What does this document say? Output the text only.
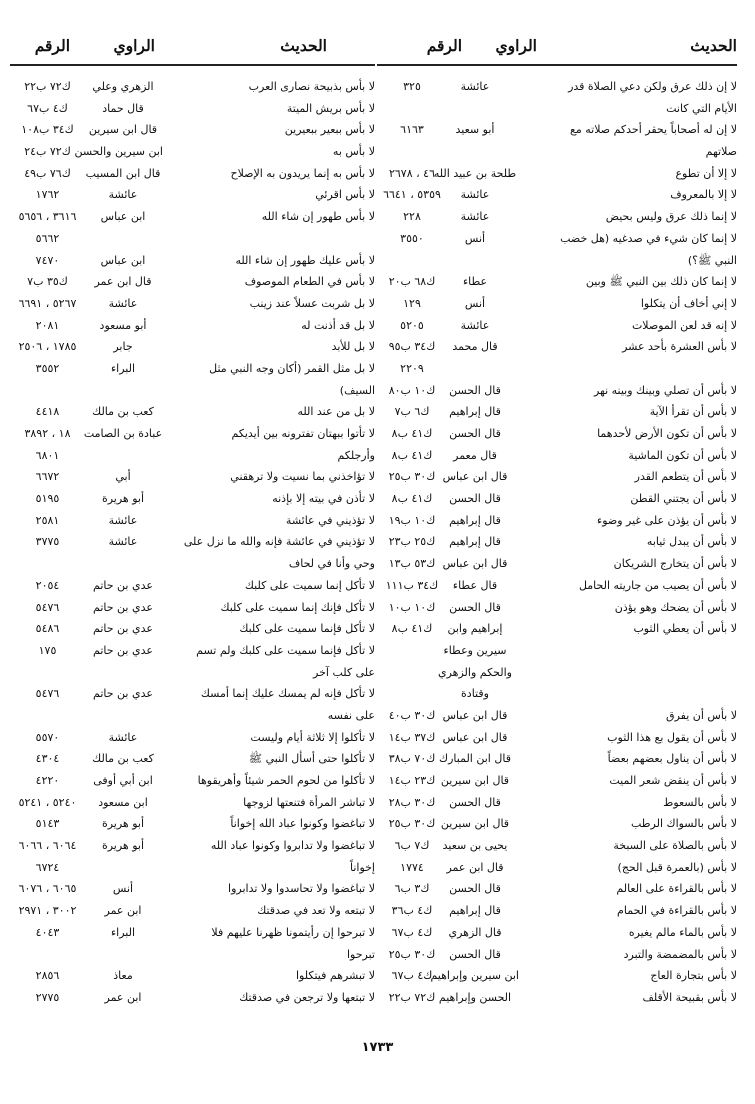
الحديث
الراوي
الرقم
لا إن ذلك عرق ولكن دعي الصلاة قدر
عائشة
٣٢٥
الأيام التي كانت
لا إن له أصحاباً يحقر أحدكم صلاته مع
أبو سعيد
٦١٦٣
صلاتهم
لا إلا أن تطوع
طلحة بن عبيد الله
٤٦ ، ٢٦٧٨
لا إلا بالمعروف
عائشة
٥٣٥٩ ، ٦٦٤١
لا إنما ذلك عرق وليس بحيض
عائشة
٢٢٨
لا إنما كان شيء في صدغيه (هل خضب
أنس
٣٥٥٠
النبي ﷺ؟)
لا إنما كان ذلك بين النبي ﷺ وبين
عطاء
ك٦٨ ب٢٠
لا إني أخاف أن يتكلوا
أنس
١٢٩
لا إنه قد لعن الموصلات
عائشة
٥٢٠٥
لا بأس العشرة بأحد عشر
قال محمد
ك٣٤ ب٩٥
٢٢٠٩
لا بأس أن تصلي وبينك وبينه نهر
قال الحسن
ك١٠ ب٨٠
لا بأس أن تقرأ الآية
قال إبراهيم
ك٦ ب٧
لا بأس أن تكون الأرض لأحدهما
قال الحسن
ك٤١ ب٨
لا بأس أن تكون الماشية
قال معمر
ك٤١ ب٨
لا بأس أن يتطعم القدر
قال ابن عباس
ك٣٠ ب٢٥
لا بأس أن يجتني القطن
قال الحسن
ك٤١ ب٨
لا بأس أن يؤذن على غير وضوء
قال إبراهيم
ك١٠ ب١٩
لا بأس أن يبدل ثيابه
قال إبراهيم
ك٢٥ ب٢٣
لا بأس أن يتخارج الشريكان
قال ابن عباس
ك٥٣ ب١٣
لا بأس أن يصيب من جاريته الحامل
قال عطاء
ك٣٤ ب١١١
لا بأس أن يضحك وهو يؤذن
قال الحسن
ك١٠ ب١٠
لا بأس أن يعطي الثوب
إبراهيم وابن
ك٤١ ب٨
سيرين وعطاء
والحكم والزهري
وقتادة
لا بأس أن يفرق
قال ابن عباس
ك٣٠ ب٤٠
لا بأس أن يقول بع هذا الثوب
قال ابن عباس
ك٣٧ ب١٤
لا بأس أن يناول بعضهم بعضاً
قال ابن المبارك
ك٧٠ ب٣٨
لا بأس أن ينقض شعر الميت
قال ابن سيرين
ك٢٣ ب١٤
لا بأس بالسعوط
قال الحسن
ك٣٠ ب٢٨
لا بأس بالسواك الرطب
قال ابن سيرين
ك٣٠ ب٢٥
لا بأس بالصلاة على السبخة
يحيى بن سعيد
ك٧ ب٦
لا بأس (بالعمرة قبل الحج)
قال ابن عمر
١٧٧٤
لا بأس بالقراءة على العالم
قال الحسن
ك٣ ب٦
لا بأس بالقراءة في الحمام
قال إبراهيم
ك٤ ب٣٦
لا بأس بالماء مالم يغيره
قال الزهري
ك٤ ب٦٧
لا بأس بالمضمضة والتبرد
قال الحسن
ك٣٠ ب٢٥
لا بأس بتجارة العاج
ابن سيرين وإبراهيم
ك٤ ب٦٧
لا بأس بقبيحة الأقلف
الحسن وإبراهيم
ك٧٢ ب٢٢
الحديث
الراوي
الرقم
لا بأس بذبيحة نصارى العرب
الزهري وعلي
ك٧٢ ب٢٢
لا بأس بريش الميتة
قال حماد
ك٤ ب٦٧
لا بأس ببعير ببعيرين
قال ابن سيرين
ك٣٤ ب١٠٨
لا بأس به
ابن سيرين والحسن
ك٧٢ ب٢٤
لا بأس به إنما يريدون به الإصلاح
قال ابن المسيب
ك٧٦ ب٤٩
لا بأس اقرئي
عائشة
١٧٦٢
لا بأس طهور إن شاء الله
ابن عباس
٣٦١٦ ، ٥٦٥٦
٥٦٦٢
لا بأس عليك طهور إن شاء الله
ابن عباس
٧٤٧٠
لا بأس في الطعام الموصوف
قال ابن عمر
ك٣٥ ب٧
لا بل شربت عسلاً عند زينب
عائشة
٥٢٦٧ ، ٦٦٩١
لا بل قد أذنت له
أبو مسعود
٢٠٨١
لا بل للأبد
جابر
١٧٨٥ ، ٢٥٠٦
لا بل مثل القمر (أكان وجه النبي مثل
البراء
٣٥٥٢
السيف)
لا بل من عند الله
كعب بن مالك
٤٤١٨
لا تأتوا ببهتان تفترونه بين أيديكم
عبادة بن الصامت
١٨ ، ٣٨٩٢
وأرجلكم
٦٨٠١
لا تؤاخذني بما نسيت ولا ترهقني
أبي
٦٦٧٢
لا تأذن في بيته إلا بإذنه
أبو هريرة
٥١٩٥
لا تؤذيني في عائشة
عائشة
٢٥٨١
لا تؤذيني في عائشة فإنه والله ما نزل على
عائشة
٣٧٧٥
وحي وأنا في لحاف
لا تأكل إنما سميت على كلبك
عدي بن حاتم
٢٠٥٤
لا تأكل فإنك إنما سميت على كلبك
عدي بن حاتم
٥٤٧٦
لا تأكل فإنما سميت على كلبك
عدي بن حاتم
٥٤٨٦
لا تأكل فإنما سميت على كلبك ولم تسم
عدي بن حاتم
١٧٥
على كلب آخر
لا تأكل فإنه لم يمسك عليك إنما أمسك
عدي بن حاتم
٥٤٧٦
على نفسه
لا تأكلوا إلا ثلاثة أيام وليست
عائشة
٥٥٧٠
لا تأكلوا حتى أسأل النبي ﷺ
كعب بن مالك
٤٣٠٤
لا تأكلوا من لحوم الحمر شيئاً وأهريقوها
ابن أبي أوفى
٤٢٢٠
لا تباشر المرأة فتنعتها لزوجها
ابن مسعود
٥٢٤٠ ، ٥٢٤١
لا تباغضوا وكونوا عباد الله إخواناً
أبو هريرة
٥١٤٣
لا تباغضوا ولا تدابروا وكونوا عباد الله
أبو هريرة
٦٠٦٤ ، ٦٠٦٦
إخواناً
٦٧٢٤
لا تباغضوا ولا تحاسدوا ولا تدابروا
أنس
٦٠٦٥ ، ٦٠٧٦
لا تبتعه ولا تعد في صدقتك
ابن عمر
٣٠٠٢ ، ٢٩٧١
لا تبرحوا إن رأيتمونا ظهرنا عليهم فلا
البراء
٤٠٤٣
تبرحوا
لا تبشرهم فيتكلوا
معاذ
٢٨٥٦
لا تبتعها ولا ترجعن في صدقتك
ابن عمر
٢٧٧٥
١٧٣٣
